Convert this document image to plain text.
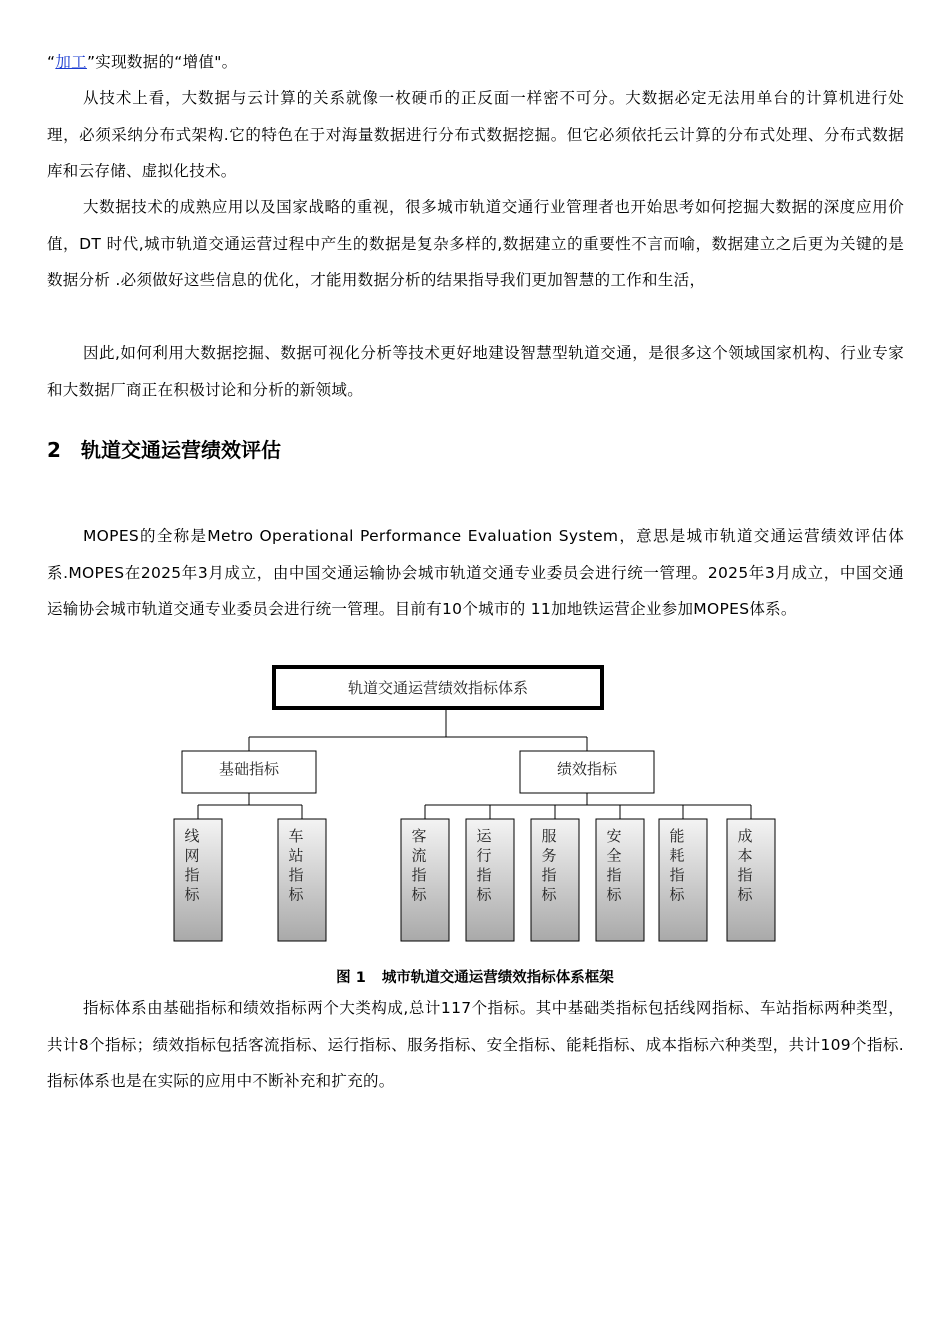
“加工”实现数据的“增值"。

从技术上看，大数据与云计算的关系就像一枚硬币的正反面一样密不可分。大数据必定无法用单台的计算机进行处理，必须采纳分布式架构.它的特色在于对海量数据进行分布式数据挖掘。但它必须依托云计算的分布式处理、分布式数据库和云存储、虚拟化技术。

大数据技术的成熟应用以及国家战略的重视，很多城市轨道交通行业管理者也开始思考如何挖掘大数据的深度应用价值，DT 时代,城市轨道交通运营过程中产生的数据是复杂多样的,数据建立的重要性不言而喻，数据建立之后更为关键的是数据分析 .必须做好这些信息的优化，才能用数据分析的结果指导我们更加智慧的工作和生活，

因此,如何利用大数据挖掘、数据可视化分析等技术更好地建设智慧型轨道交通，是很多这个领域国家机构、行业专家和大数据厂商正在积极讨论和分析的新领域。

2 轨道交通运营绩效评估

MOPES的全称是Metro Operational Performance Evaluation System，意思是城市轨道交通运营绩效评估体系.MOPES在2025年3月成立，由中国交通运输协会城市轨道交通专业委员会进行统一管理。2025年3月成立，中国交通运输协会城市轨道交通专业委员会进行统一管理。目前有10个城市的 11加地铁运营企业参加MOPES体系。

轨道交通运营绩效指标体系
基础指标	绩效指标
线
网
指
标
车
站
指
标
客
流
指
标
运
行
指
标
服
务
指
标
安
全
指
标
能
耗
指
标
成
本
指
标

图 1 城市轨道交通运营绩效指标体系框架

指标体系由基础指标和绩效指标两个大类构成,总计117个指标。其中基础类指标包括线网指标、车站指标两种类型，共计8个指标；绩效指标包括客流指标、运行指标、服务指标、安全指标、能耗指标、成本指标六种类型，共计109个指标.指标体系也是在实际的应用中不断补充和扩充的。
